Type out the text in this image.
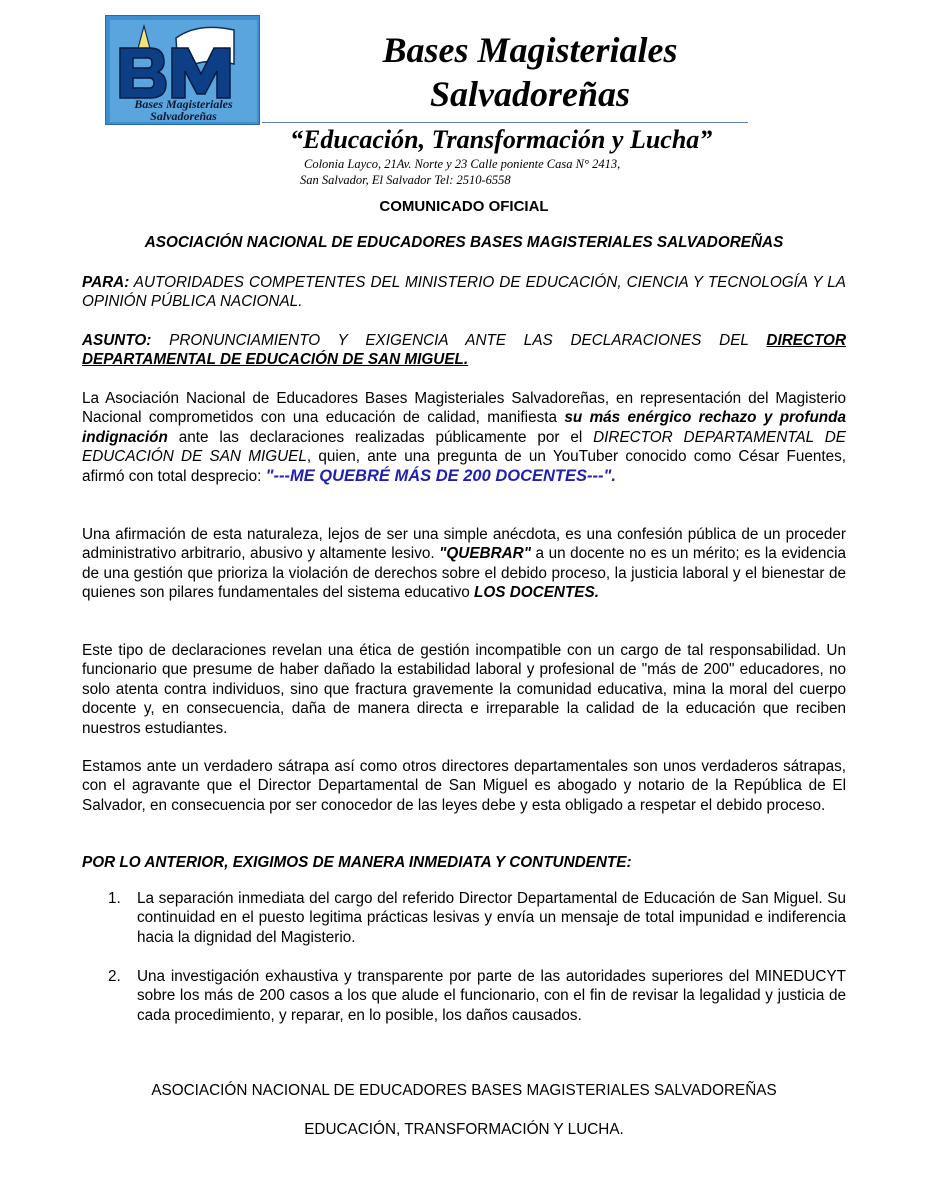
Bases Magisteriales
Salvadoreñas
Bases Magisteriales
Salvadoreñas
“Educación, Transformación y Lucha”
Colonia Layco, 21Av. Norte y 23 Calle poniente Casa N° 2413,
San Salvador, El Salvador Tel: 2510-6558
COMUNICADO OFICIAL
ASOCIACIÓN NACIONAL DE EDUCADORES BASES MAGISTERIALES SALVADOREÑAS
PARA: AUTORIDADES COMPETENTES DEL MINISTERIO DE EDUCACIÓN, CIENCIA Y TECNOLOGÍA Y LA OPINIÓN PÚBLICA NACIONAL.
ASUNTO: PRONUNCIAMIENTO Y EXIGENCIA ANTE LAS DECLARACIONES DEL DIRECTOR DEPARTAMENTAL DE EDUCACIÓN DE SAN MIGUEL.
La Asociación Nacional de Educadores Bases Magisteriales Salvadoreñas, en representación del Magisterio Nacional comprometidos con una educación de calidad, manifiesta su más enérgico rechazo y profunda indignación ante las declaraciones realizadas públicamente por el DIRECTOR DEPARTAMENTAL DE EDUCACIÓN DE SAN MIGUEL, quien, ante una pregunta de un YouTuber conocido como César Fuentes, afirmó con total desprecio: "---ME QUEBRÉ MÁS DE 200 DOCENTES---".
Una afirmación de esta naturaleza, lejos de ser una simple anécdota, es una confesión pública de un proceder administrativo arbitrario, abusivo y altamente lesivo. "QUEBRAR" a un docente no es un mérito; es la evidencia de una gestión que prioriza la violación de derechos sobre el debido proceso, la justicia laboral y el bienestar de quienes son pilares fundamentales del sistema educativo LOS DOCENTES.
Este tipo de declaraciones revelan una ética de gestión incompatible con un cargo de tal responsabilidad. Un funcionario que presume de haber dañado la estabilidad laboral y profesional de "más de 200" educadores, no solo atenta contra individuos, sino que fractura gravemente la comunidad educativa, mina la moral del cuerpo docente y, en consecuencia, daña de manera directa e irreparable la calidad de la educación que reciben nuestros estudiantes.
Estamos ante un verdadero sátrapa así como otros directores departamentales son unos verdaderos sátrapas, con el agravante que el Director Departamental de San Miguel es abogado y notario de la República de El Salvador, en consecuencia por ser conocedor de las leyes debe y esta obligado a respetar el debido proceso.
POR LO ANTERIOR, EXIGIMOS DE MANERA INMEDIATA Y CONTUNDENTE:
1. La separación inmediata del cargo del referido Director Departamental de Educación de San Miguel. Su continuidad en el puesto legitima prácticas lesivas y envía un mensaje de total impunidad e indiferencia hacia la dignidad del Magisterio.
2. Una investigación exhaustiva y transparente por parte de las autoridades superiores del MINEDUCYT sobre los más de 200 casos a los que alude el funcionario, con el fin de revisar la legalidad y justicia de cada procedimiento, y reparar, en lo posible, los daños causados.
ASOCIACIÓN NACIONAL DE EDUCADORES BASES MAGISTERIALES SALVADOREÑAS
EDUCACIÓN, TRANSFORMACIÓN Y LUCHA.
